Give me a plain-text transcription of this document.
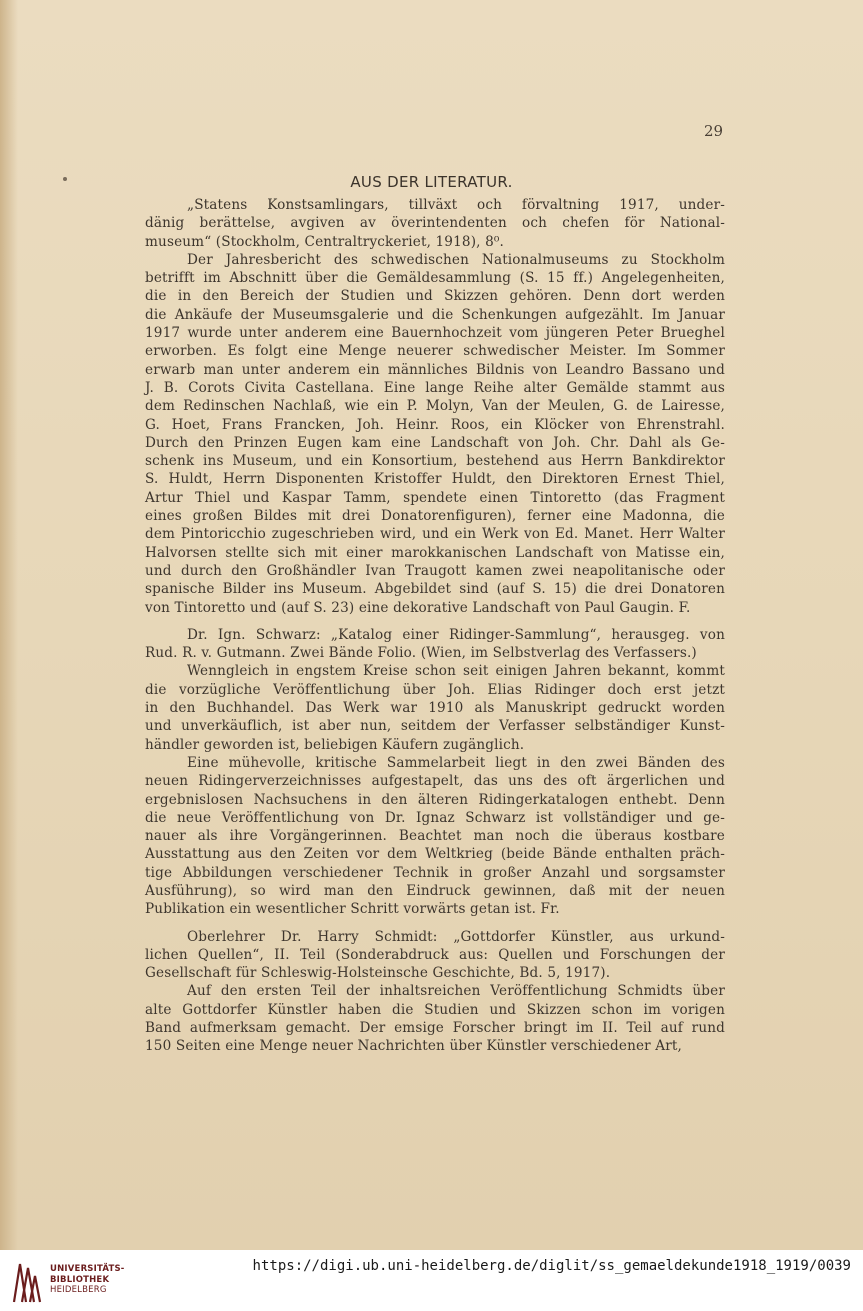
29
AUS DER LITERATUR.

„Statens Konstsamlingars, tillväxt och förvaltning 1917, under-
dänig berättelse, avgiven av överintendenten och chefen för National-
museum“ (Stockholm, Centraltryckeriet, 1918), 8⁰.

Der Jahresbericht des schwedischen Nationalmuseums zu Stockholm
betrifft im Abschnitt über die Gemäldesammlung (S. 15 ff.) Angelegenheiten,
die in den Bereich der Studien und Skizzen gehören. Denn dort werden
die Ankäufe der Museumsgalerie und die Schenkungen aufgezählt. Im Januar
1917 wurde unter anderem eine Bauernhochzeit vom jüngeren Peter Brueghel
erworben. Es folgt eine Menge neuerer schwedischer Meister. Im Sommer
erwarb man unter anderem ein männliches Bildnis von Leandro Bassano und
J. B. Corots Civita Castellana. Eine lange Reihe alter Gemälde stammt aus
dem Redinschen Nachlaß, wie ein P. Molyn, Van der Meulen, G. de Lairesse,
G. Hoet, Frans Francken, Joh. Heinr. Roos, ein Klöcker von Ehrenstrahl.
Durch den Prinzen Eugen kam eine Landschaft von Joh. Chr. Dahl als Ge-
schenk ins Museum, und ein Konsortium, bestehend aus Herrn Bankdirektor
S. Huldt, Herrn Disponenten Kristoffer Huldt, den Direktoren Ernest Thiel,
Artur Thiel und Kaspar Tamm, spendete einen Tintoretto (das Fragment
eines großen Bildes mit drei Donatorenfiguren), ferner eine Madonna, die
dem Pintoricchio zugeschrieben wird, und ein Werk von Ed. Manet. Herr Walter
Halvorsen stellte sich mit einer marokkanischen Landschaft von Matisse ein,
und durch den Großhändler Ivan Traugott kamen zwei neapolitanische oder
spanische Bilder ins Museum. Abgebildet sind (auf S. 15) die drei Donatoren
von Tintoretto und (auf S. 23) eine dekorative Landschaft von Paul Gaugin. F.

Dr. Ign. Schwarz: „Katalog einer Ridinger-Sammlung“, herausgeg. von
Rud. R. v. Gutmann. Zwei Bände Folio. (Wien, im Selbstverlag des Verfassers.)

Wenngleich in engstem Kreise schon seit einigen Jahren bekannt, kommt
die vorzügliche Veröffentlichung über Joh. Elias Ridinger doch erst jetzt
in den Buchhandel. Das Werk war 1910 als Manuskript gedruckt worden
und unverkäuflich, ist aber nun, seitdem der Verfasser selbständiger Kunst-
händler geworden ist, beliebigen Käufern zugänglich.

Eine mühevolle, kritische Sammelarbeit liegt in den zwei Bänden des
neuen Ridingerverzeichnisses aufgestapelt, das uns des oft ärgerlichen und
ergebnislosen Nachsuchens in den älteren Ridingerkatalogen enthebt. Denn
die neue Veröffentlichung von Dr. Ignaz Schwarz ist vollständiger und ge-
nauer als ihre Vorgängerinnen. Beachtet man noch die überaus kostbare
Ausstattung aus den Zeiten vor dem Weltkrieg (beide Bände enthalten präch-
tige Abbildungen verschiedener Technik in großer Anzahl und sorgsamster
Ausführung), so wird man den Eindruck gewinnen, daß mit der neuen
Publikation ein wesentlicher Schritt vorwärts getan ist. Fr.

Oberlehrer Dr. Harry Schmidt: „Gottdorfer Künstler, aus urkund-
lichen Quellen“, II. Teil (Sonderabdruck aus: Quellen und Forschungen der
Gesellschaft für Schleswig-Holsteinsche Geschichte, Bd. 5, 1917).

Auf den ersten Teil der inhaltsreichen Veröffentlichung Schmidts über
alte Gottdorfer Künstler haben die Studien und Skizzen schon im vorigen
Band aufmerksam gemacht. Der emsige Forscher bringt im II. Teil auf rund
150 Seiten eine Menge neuer Nachrichten über Künstler verschiedener Art,

UNIVERSITÄTS-
BIBLIOTHEK
HEIDELBERG
https://digi.ub.uni-heidelberg.de/diglit/ss_gemaeldekunde1918_1919/0039
